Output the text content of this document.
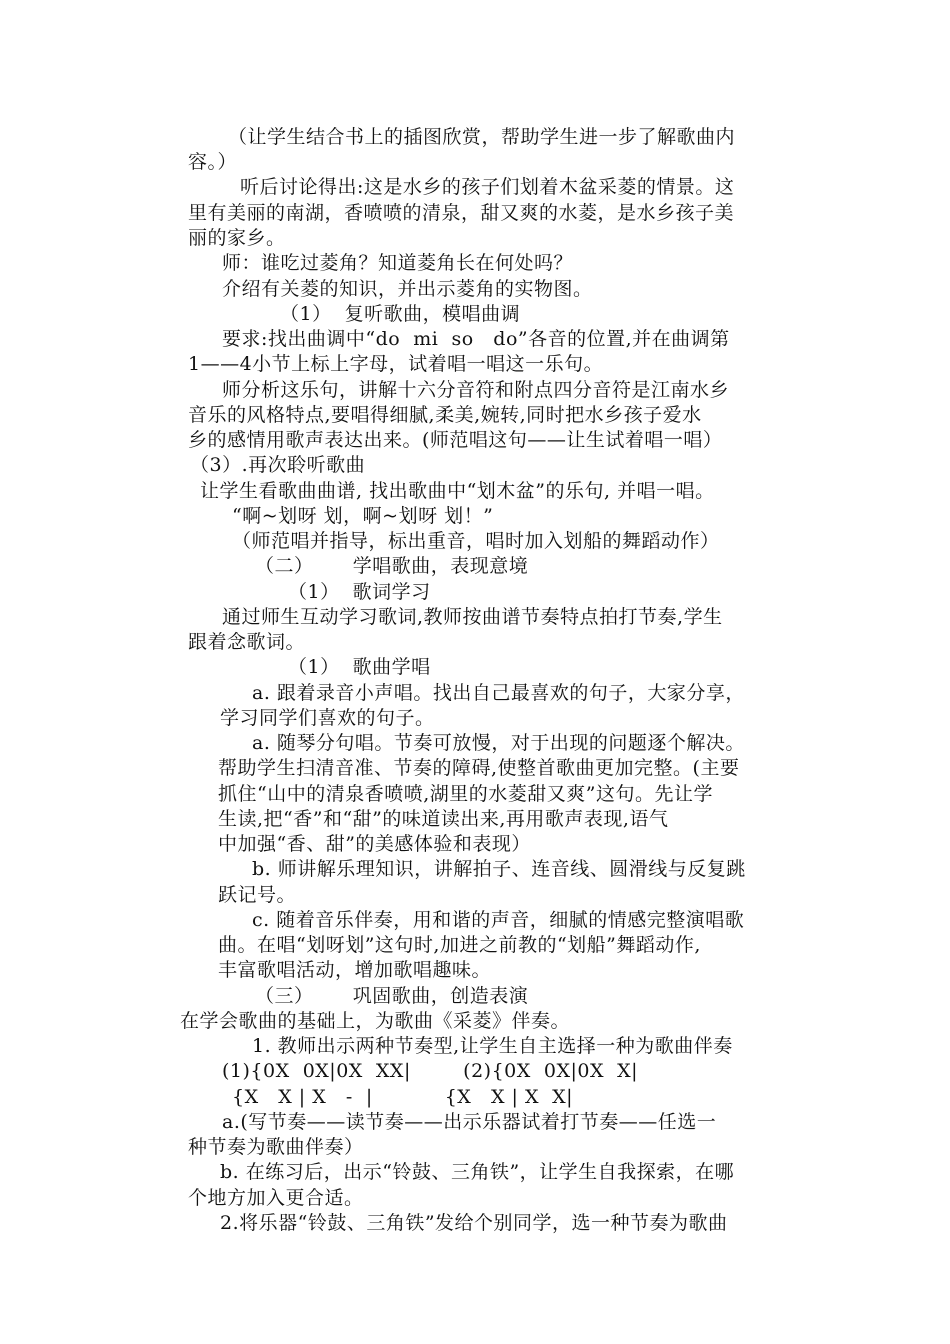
（让学生结合书上的插图欣赏，帮助学生进一步了解歌曲内
容。）
听后讨论得出:这是水乡的孩子们划着木盆采菱的情景。这
里有美丽的南湖，香喷喷的清泉，甜又爽的水菱，是水乡孩子美
丽的家乡。
师：谁吃过菱角？知道菱角长在何处吗？
介绍有关菱的知识，并出示菱角的实物图。
（1）  复听歌曲，模唱曲调
要求:找出曲调中“do  mi  so   do”各音的位置,并在曲调第
1——4小节上标上字母，试着唱一唱这一乐句。
师分析这乐句，讲解十六分音符和附点四分音符是江南水乡
音乐的风格特点,要唱得细腻,柔美,婉转,同时把水乡孩子爱水
乡的感情用歌声表达出来。(师范唱这句——让生试着唱一唱）
（3）.再次聆听歌曲
让学生看歌曲曲谱, 找出歌曲中“划木盆”的乐句, 并唱一唱。
“啊~划呀 划，啊~划呀 划！”
（师范唱并指导，标出重音，唱时加入划船的舞蹈动作）
（二）      学唱歌曲，表现意境
（1）  歌词学习
通过师生互动学习歌词,教师按曲谱节奏特点拍打节奏,学生
跟着念歌词。
（1）  歌曲学唱
a. 跟着录音小声唱。找出自己最喜欢的句子，大家分享，
学习同学们喜欢的句子。
a. 随琴分句唱。节奏可放慢，对于出现的问题逐个解决。
帮助学生扫清音准、节奏的障碍,使整首歌曲更加完整。(主要
抓住“山中的清泉香喷喷,湖里的水菱甜又爽”这句。先让学
生读,把“香”和“甜”的味道读出来,再用歌声表现,语气
中加强“香、甜”的美感体验和表现）
b. 师讲解乐理知识，讲解拍子、连音线、圆滑线与反复跳
跃记号。
c. 随着音乐伴奏，用和谐的声音，细腻的情感完整演唱歌
曲。在唱“划呀划”这句时,加进之前教的“划船”舞蹈动作,
丰富歌唱活动，增加歌唱趣味。
（三）      巩固歌曲，创造表演
在学会歌曲的基础上，为歌曲《采菱》伴奏。
1. 教师出示两种节奏型,让学生自主选择一种为歌曲伴奏
(1){0X  0X|0X  XX|        (2){0X  0X|0X  X|
{X   X | X   -  |           {X   X | X  X|
a.(写节奏——读节奏——出示乐器试着打节奏——任选一
种节奏为歌曲伴奏）
b. 在练习后，出示“铃鼓、三角铁”，让学生自我探索，在哪
个地方加入更合适。
2.将乐器“铃鼓、三角铁”发给个别同学，选一种节奏为歌曲
